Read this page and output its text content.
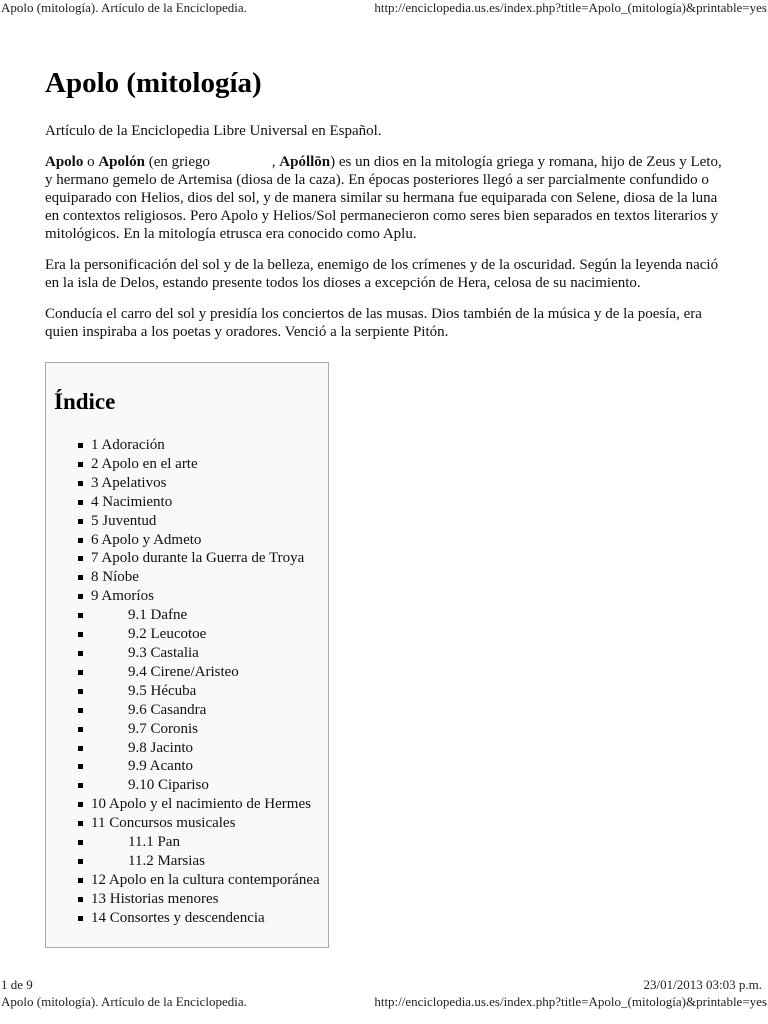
Apolo (mitología). Artículo de la Enciclopedia.	http://enciclopedia.us.es/index.php?title=Apolo_(mitología)&printable=yes
Apolo (mitología)
Artículo de la Enciclopedia Libre Universal en Español.

Apolo o Apolón (en griego	, Apóllōn) es un dios en la mitología griega y romana, hijo de Zeus y Leto, y hermano gemelo de Artemisa (diosa de la caza). En épocas posteriores llegó a ser parcialmente confundido o equiparado con Helios, dios del sol, y de manera similar su hermana fue equiparada con Selene, diosa de la luna en contextos religiosos. Pero Apolo y Helios/Sol permanecieron como seres bien separados en textos literarios y mitológicos. En la mitología etrusca era conocido como Aplu.

Era la personificación del sol y de la belleza, enemigo de los crímenes y de la oscuridad. Según la leyenda nació en la isla de Delos, estando presente todos los dioses a excepción de Hera, celosa de su nacimiento.

Conducía el carro del sol y presidía los conciertos de las musas. Dios también de la música y de la poesía, era quien inspiraba a los poetas y oradores. Venció a la serpiente Pitón.

Índice
1 Adoración
2 Apolo en el arte
3 Apelativos
4 Nacimiento
5 Juventud
6 Apolo y Admeto
7 Apolo durante la Guerra de Troya
8 Níobe
9 Amoríos
9.1 Dafne
9.2 Leucotoe
9.3 Castalia
9.4 Cirene/Aristeo
9.5 Hécuba
9.6 Casandra
9.7 Coronis
9.8 Jacinto
9.9 Acanto
9.10 Cipariso
10 Apolo y el nacimiento de Hermes
11 Concursos musicales
11.1 Pan
11.2 Marsias
12 Apolo en la cultura contemporánea
13 Historias menores
14 Consortes y descendencia
1 de 9	23/01/2013 03:03 p.m.
Apolo (mitología). Artículo de la Enciclopedia.	http://enciclopedia.us.es/index.php?title=Apolo_(mitología)&printable=yes
